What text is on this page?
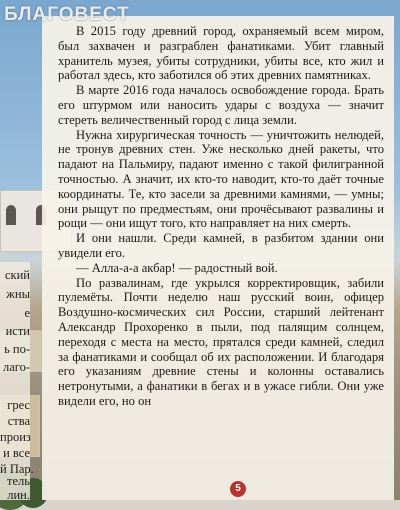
ский
жны
е
исти
ь по-
лаго-
грес
ства
произ
и все
й Пар.
тель
лин.
БЛАГОВЕСТ

В 2015 году древний город, охраняемый всем миром, был захвачен и разграблен фанатиками. Убит главный хранитель музея, убиты сотрудники, убиты все, кто жил и работал здесь, кто заботился об этих древних памятниках.

В марте 2016 года началось освобождение города. Брать его штурмом или наносить удары с воздуха — значит стереть величественный город с лица земли.

Нужна хирургическая точность — уничтожить нелюдей, не тронув древних стен. Уже несколько дней ракеты, что падают на Пальмиру, падают именно с такой филигранной точностью. А значит, их кто-то наводит, кто-то даёт точные координаты. Те, кто засели за древними камнями, — умны; они рыщут по предместьям, они прочёсывают развалины и рощи — они ищут того, кто направляет на них смерть.

И они нашли. Среди камней, в разбитом здании они увидели его.

— Алла-а-а акбар! — радостный вой.

По развалинам, где укрылся корректировщик, забили пулемёты. Почти неделю наш русский воин, офицер Воздушно-космических сил России, старший лейтенант Александр Прохоренко в пыли, под палящим солнцем, переходя с места на место, прятался среди камней, следил за фанатиками и сообщал об их расположении. И благодаря его указаниям древние стены и колонны оставались нетронутыми, а фанатики в бегах и в ужасе гибли. Они уже видели его, но он

5
